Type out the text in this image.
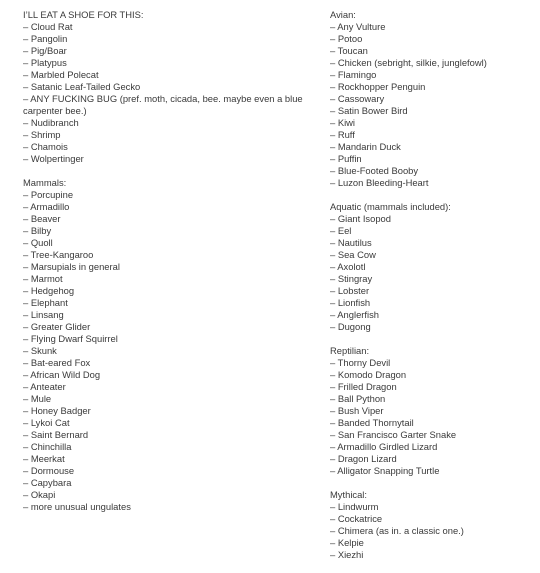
I’LL EAT A SHOE FOR THIS:
– Cloud Rat
– Pangolin
– Pig/Boar
– Platypus
– Marbled Polecat
– Satanic Leaf-Tailed Gecko
– ANY FUCKING BUG (pref. moth, cicada, bee. maybe even a blue carpenter bee.)
– Nudibranch
– Shrimp
– Chamois
– Wolpertinger
Mammals:
– Porcupine
– Armadillo
– Beaver
– Bilby
– Quoll
– Tree-Kangaroo
– Marsupials in general
– Marmot
– Hedgehog
– Elephant
– Linsang
– Greater Glider
– Flying Dwarf Squirrel
– Skunk
– Bat-eared Fox
– African Wild Dog
– Anteater
– Mule
– Honey Badger
– Lykoi Cat
– Saint Bernard
– Chinchilla
– Meerkat
– Dormouse
– Capybara
– Okapi
– more unusual ungulates
Avian:
– Any Vulture
– Potoo
– Toucan
– Chicken (sebright, silkie, junglefowl)
– Flamingo
– Rockhopper Penguin
– Cassowary
– Satin Bower Bird
– Kiwi
– Ruff
– Mandarin Duck
– Puffin
– Blue-Footed Booby
– Luzon Bleeding-Heart
Aquatic (mammals included):
– Giant Isopod
– Eel
– Nautilus
– Sea Cow
– Axolotl
– Stingray
– Lobster
– Lionfish
– Anglerfish
– Dugong
Reptilian:
– Thorny Devil
– Komodo Dragon
– Frilled Dragon
– Ball Python
– Bush Viper
– Banded Thornytail
– San Francisco Garter Snake
– Armadillo Girdled Lizard
– Dragon Lizard
– Alligator Snapping Turtle
Mythical:
– Lindwurm
– Cockatrice
– Chimera (as in. a classic one.)
– Kelpie
– Xiezhi
